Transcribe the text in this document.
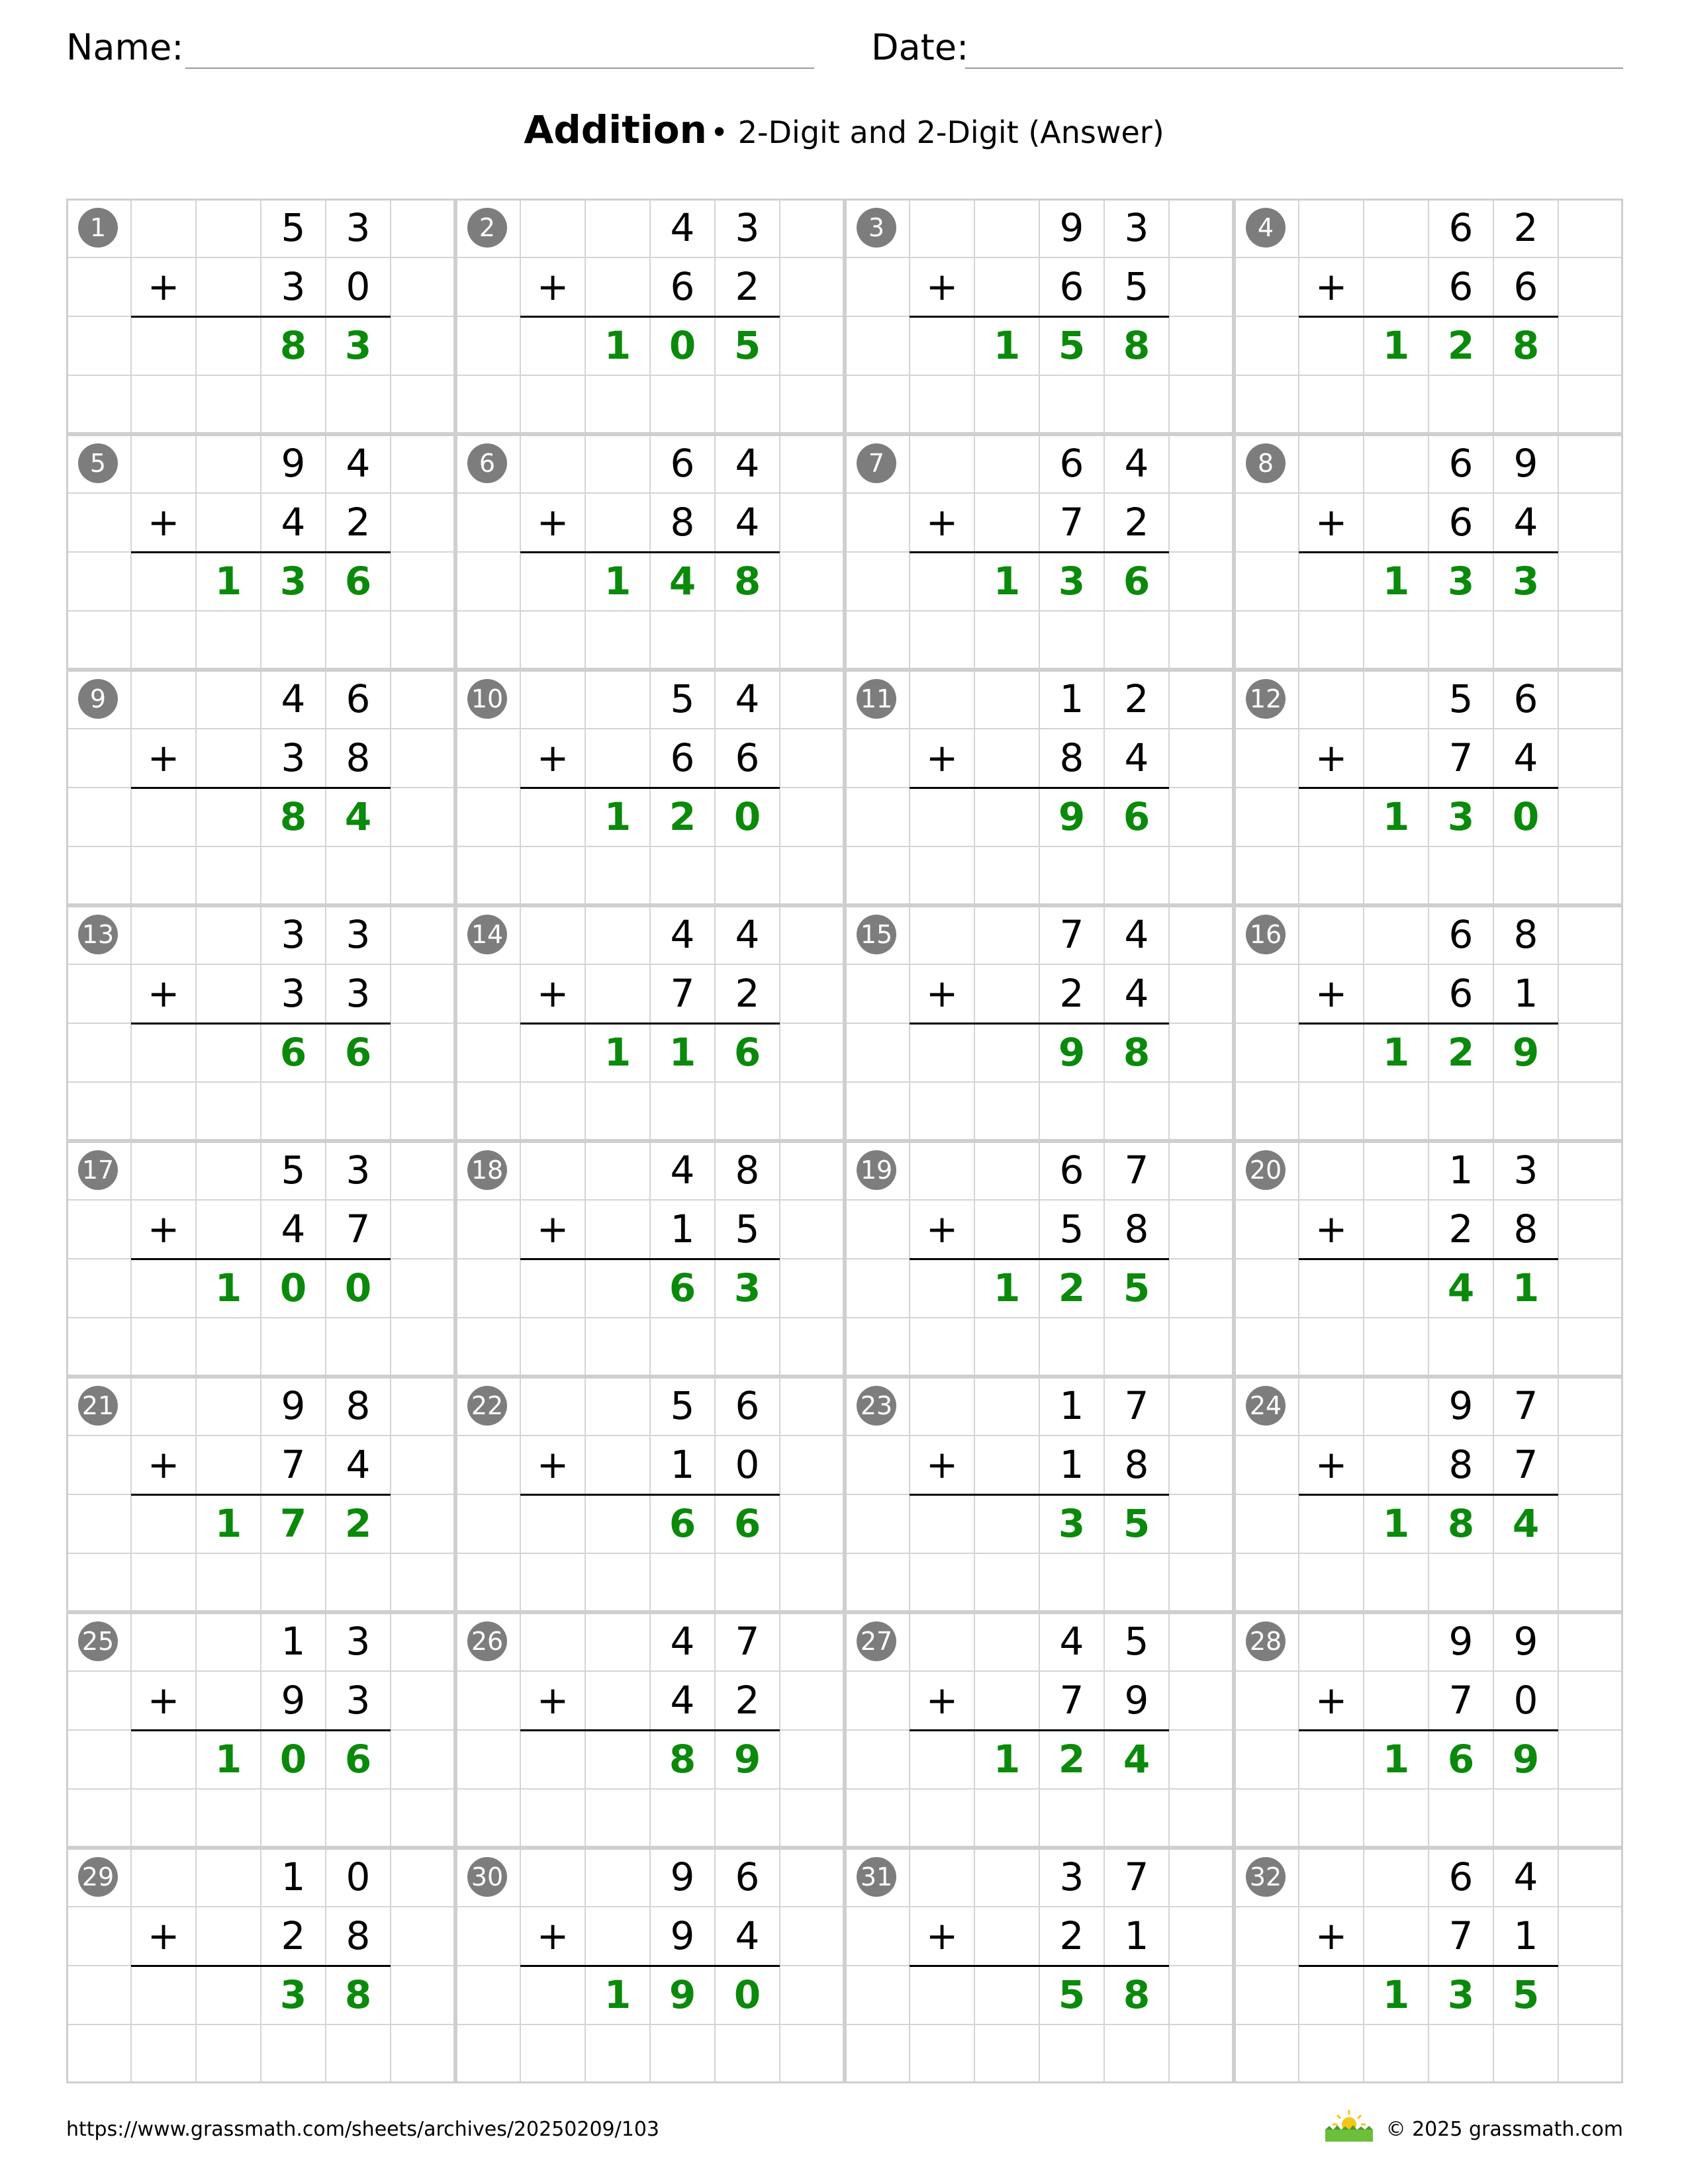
Name:	Date:
Addition • 2-Digit and 2-Digit (Answer)
1	5	3
+	3	0
8 3
2	4	3
+	6	2
1 0 5
3	9	3
+	6	5
1 5 8
4	6	2
+	6	6
1 2 8
5	9	4
+	4	2
1 3 6
6	6	4
+	8	4
1 4 8
7	6	4
+	7	2
1 3 6
8	6	9
+	6	4
1 3 3
9	4	6
+	3	8
8 4
10	5	4
+	6	6
1 2 0
11	1	2
+	8	4
9 6
12	5	6
+	7	4
1 3 0
13	3	3
+	3	3
6 6
14	4	4
+	7	2
1 1 6
15	7	4
+	2	4
9 8
16	6	8
+	6	1
1 2 9
17	5	3
+	4	7
1 0 0
18	4	8
+	1	5
6 3
19	6	7
+	5	8
1 2 5
20	1	3
+	2	8
4 1
21	9	8
+	7	4
1 7 2
22	5	6
+	1	0
6 6
23	1	7
+	1	8
3 5
24	9	7
+	8	7
1 8 4
25	1	3
+	9	3
1 0 6
26	4	7
+	4	2
8 9
27	4	5
+	7	9
1 2 4
28	9	9
+	7	0
1 6 9
29	1	0
+	2	8
3 8
30	9	6
+	9	4
1 9 0
31	3	7
+	2	1
5 8
32	6	4
+	7	1
1 3 5
https://www.grassmath.com/sheets/archives/20250209/103	© 2025 grassmath.com
